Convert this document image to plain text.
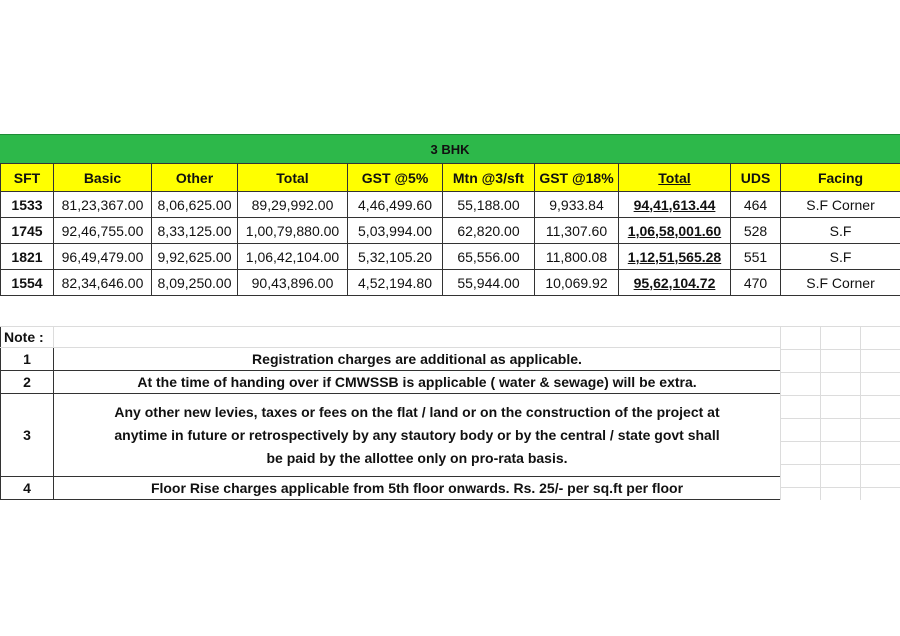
3 BHK
SFT	Basic	Other	Total	GST @5%	Mtn @3/sft	GST @18%	Total	UDS	Facing
1533	81,23,367.00	8,06,625.00	89,29,992.00	4,46,499.60	55,188.00	9,933.84	94,41,613.44	464	S.F Corner
1745	92,46,755.00	8,33,125.00	1,00,79,880.00	5,03,994.00	62,820.00	11,307.60	1,06,58,001.60	528	S.F
1821	96,49,479.00	9,92,625.00	1,06,42,104.00	5,32,105.20	65,556.00	11,800.08	1,12,51,565.28	551	S.F
1554	82,34,646.00	8,09,250.00	90,43,896.00	4,52,194.80	55,944.00	10,069.92	95,62,104.72	470	S.F Corner
Note :	
1	Registration charges are additional as applicable.
2	At the time of handing over if CMWSSB is applicable ( water & sewage) will be extra.
3	Any other new levies, taxes or fees on the flat / land or on the construction of the project at anytime in future or retrospectively by any stautory body or by the central / state govt shall be paid by the allottee only on pro-rata basis.
4	Floor Rise charges applicable from 5th floor onwards. Rs. 25/- per sq.ft per floor
